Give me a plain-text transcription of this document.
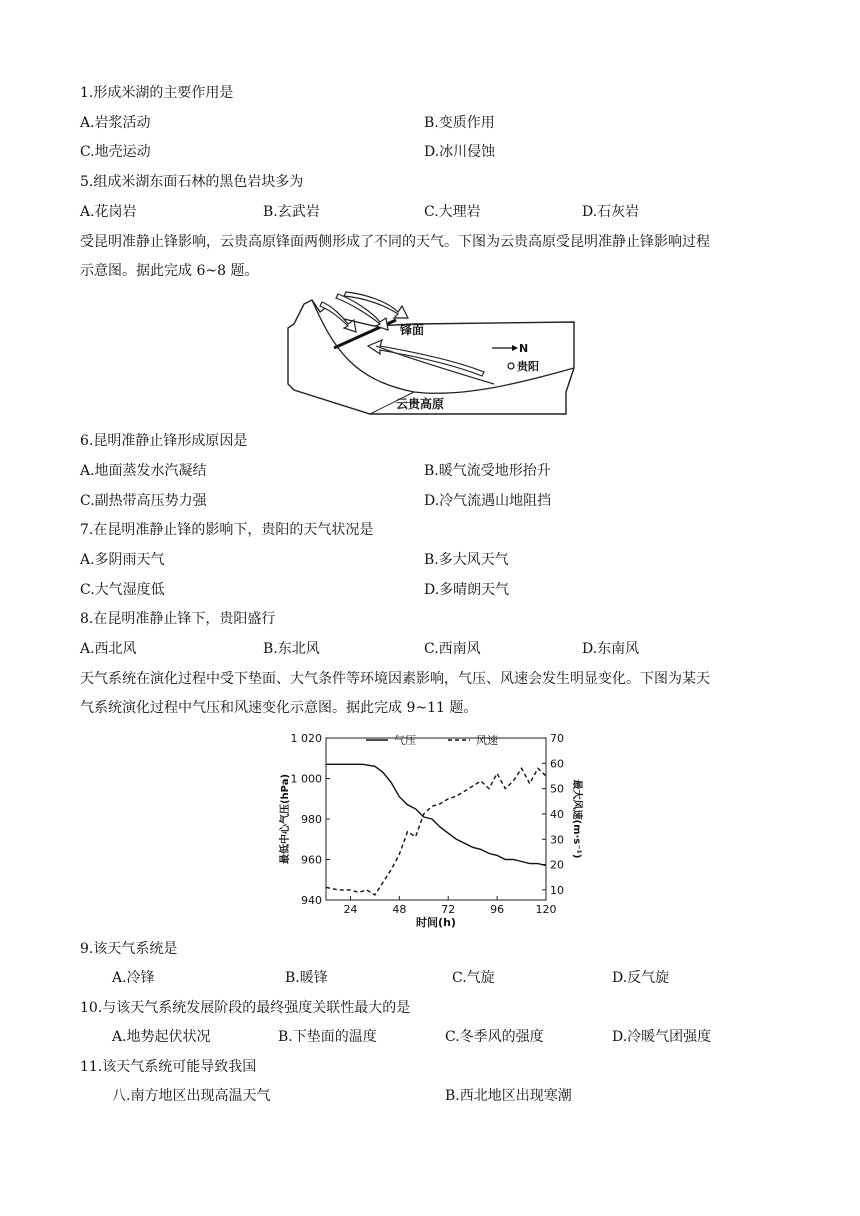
1.形成米湖的主要作用是
A.岩浆活动	B.变质作用
C.地壳运动	D.冰川侵蚀
5.组成米湖东面石林的黑色岩块多为
A.花岗岩	B.玄武岩	C.大理岩	D.石灰岩
受昆明准静止锋影响，云贵高原锋面两侧形成了不同的天气。下图为云贵高原受昆明准静止锋影响过程
示意图。据此完成 6~8 题。
锋面
N
贵阳
云贵高原
6.昆明准静止锋形成原因是
A.地面蒸发水汽凝结	B.暖气流受地形抬升
C.副热带高压势力强	D.冷气流遇山地阻挡
7.在昆明准静止锋的影响下，贵阳的天气状况是
A.多阴雨天气	B.多大风天气
C.大气湿度低	D.多晴朗天气
8.在昆明准静止锋下，贵阳盛行
A.西北风	B.东北风	C.西南风	D.东南风
天气系统在演化过程中受下垫面、大气条件等环境因素影响，气压、风速会发生明显变化。下图为某天
气系统演化过程中气压和风速变化示意图。据此完成 9~11 题。
1 020
1 000
980
960
940
70
60
50
40
30
20
10
24	48	72	96	120
时间(h)
最低中心气压(hPa)	最大风速(m·s⁻¹)
气压	风速
9.该天气系统是
A.冷锋	B.暖锋	C.气旋	D.反气旋
10.与该天气系统发展阶段的最终强度关联性最大的是
A.地势起伏状况	B.下垫面的温度	C.冬季风的强度	D.冷暖气团强度
11.该天气系统可能导致我国
八.南方地区出现高温天气	B.西北地区出现寒潮
